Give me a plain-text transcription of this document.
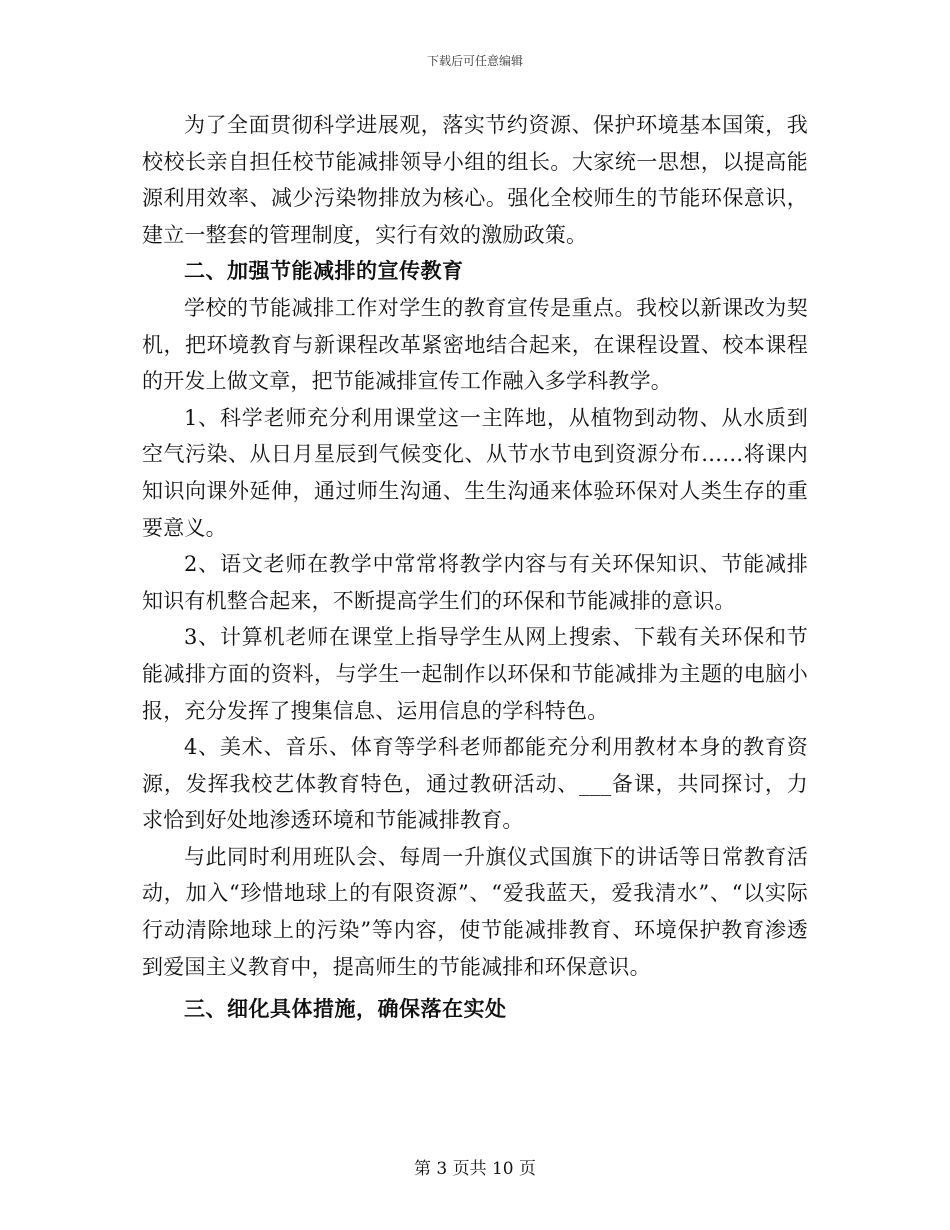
下载后可任意编辑

为了全面贯彻科学进展观，落实节约资源、保护环境基本国策，我校校长亲自担任校节能减排领导小组的组长。大家统一思想，以提高能源利用效率、减少污染物排放为核心。强化全校师生的节能环保意识，建立一整套的管理制度，实行有效的激励政策。

二、加强节能减排的宣传教育

学校的节能减排工作对学生的教育宣传是重点。我校以新课改为契机，把环境教育与新课程改革紧密地结合起来，在课程设置、校本课程的开发上做文章，把节能减排宣传工作融入多学科教学。

1、科学老师充分利用课堂这一主阵地，从植物到动物、从水质到空气污染、从日月星辰到气候变化、从节水节电到资源分布……将课内知识向课外延伸，通过师生沟通、生生沟通来体验环保对人类生存的重要意义。

2、语文老师在教学中常常将教学内容与有关环保知识、节能减排知识有机整合起来，不断提高学生们的环保和节能减排的意识。

3、计算机老师在课堂上指导学生从网上搜索、下载有关环保和节能减排方面的资料，与学生一起制作以环保和节能减排为主题的电脑小报，充分发挥了搜集信息、运用信息的学科特色。

4、美术、音乐、体育等学科老师都能充分利用教材本身的教育资源，发挥我校艺体教育特色，通过教研活动、___备课，共同探讨，力求恰到好处地渗透环境和节能减排教育。

与此同时利用班队会、每周一升旗仪式国旗下的讲话等日常教育活动，加入“珍惜地球上的有限资源”、“爱我蓝天，爱我清水”、“以实际行动清除地球上的污染”等内容，使节能减排教育、环境保护教育渗透到爱国主义教育中，提高师生的节能减排和环保意识。

三、细化具体措施，确保落在实处

第 3 页共 10 页
